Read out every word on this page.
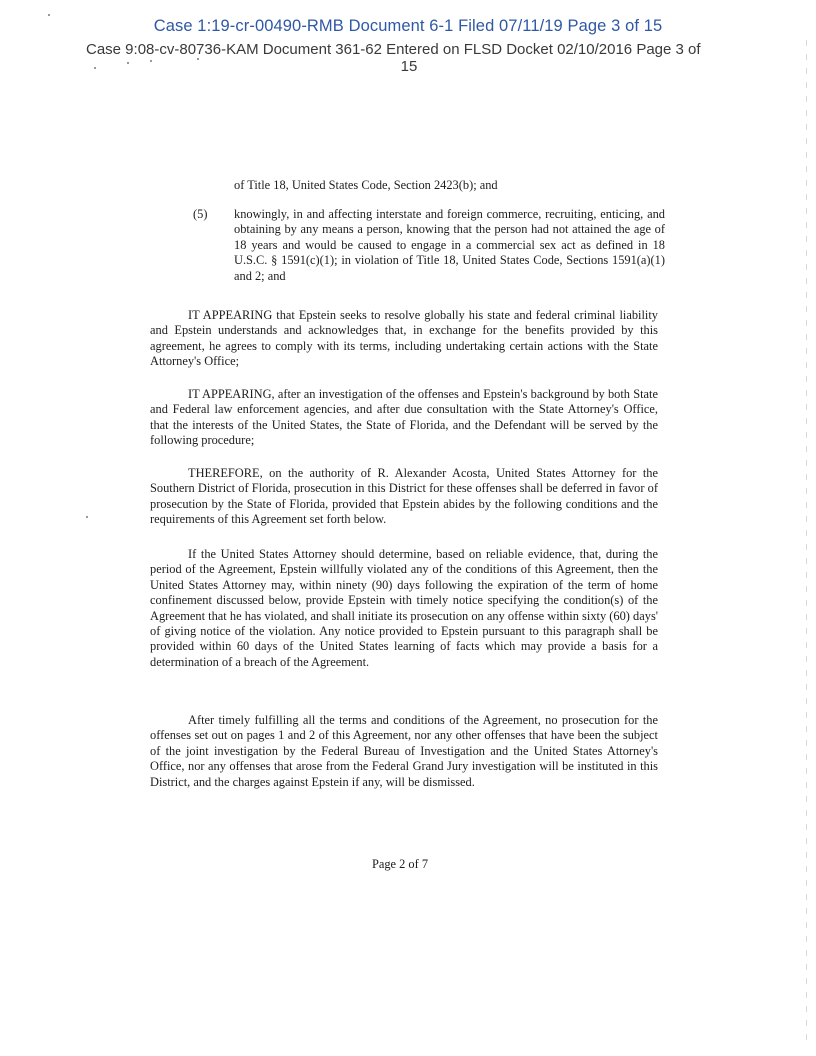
Case 1:19-cr-00490-RMB Document 6-1 Filed 07/11/19 Page 3 of 15
Case 9:08-cv-80736-KAM Document 361-62 Entered on FLSD Docket 02/10/2016 Page 3 of
15
of Title 18, United States Code, Section 2423(b); and
(5) knowingly, in and affecting interstate and foreign commerce, recruiting, enticing, and obtaining by any means a person, knowing that the person had not attained the age of 18 years and would be caused to engage in a commercial sex act as defined in 18 U.S.C. § 1591(c)(1); in violation of Title 18, United States Code, Sections 1591(a)(1) and 2; and
IT APPEARING that Epstein seeks to resolve globally his state and federal criminal liability and Epstein understands and acknowledges that, in exchange for the benefits provided by this agreement, he agrees to comply with its terms, including undertaking certain actions with the State Attorney's Office;
IT APPEARING, after an investigation of the offenses and Epstein's background by both State and Federal law enforcement agencies, and after due consultation with the State Attorney's Office, that the interests of the United States, the State of Florida, and the Defendant will be served by the following procedure;
THEREFORE, on the authority of R. Alexander Acosta, United States Attorney for the Southern District of Florida, prosecution in this District for these offenses shall be deferred in favor of prosecution by the State of Florida, provided that Epstein abides by the following conditions and the requirements of this Agreement set forth below.
If the United States Attorney should determine, based on reliable evidence, that, during the period of the Agreement, Epstein willfully violated any of the conditions of this Agreement, then the United States Attorney may, within ninety (90) days following the expiration of the term of home confinement discussed below, provide Epstein with timely notice specifying the condition(s) of the Agreement that he has violated, and shall initiate its prosecution on any offense within sixty (60) days' of giving notice of the violation. Any notice provided to Epstein pursuant to this paragraph shall be provided within 60 days of the United States learning of facts which may provide a basis for a determination of a breach of the Agreement.
After timely fulfilling all the terms and conditions of the Agreement, no prosecution for the offenses set out on pages 1 and 2 of this Agreement, nor any other offenses that have been the subject of the joint investigation by the Federal Bureau of Investigation and the United States Attorney's Office, nor any offenses that arose from the Federal Grand Jury investigation will be instituted in this District, and the charges against Epstein if any, will be dismissed.
Page 2 of 7
